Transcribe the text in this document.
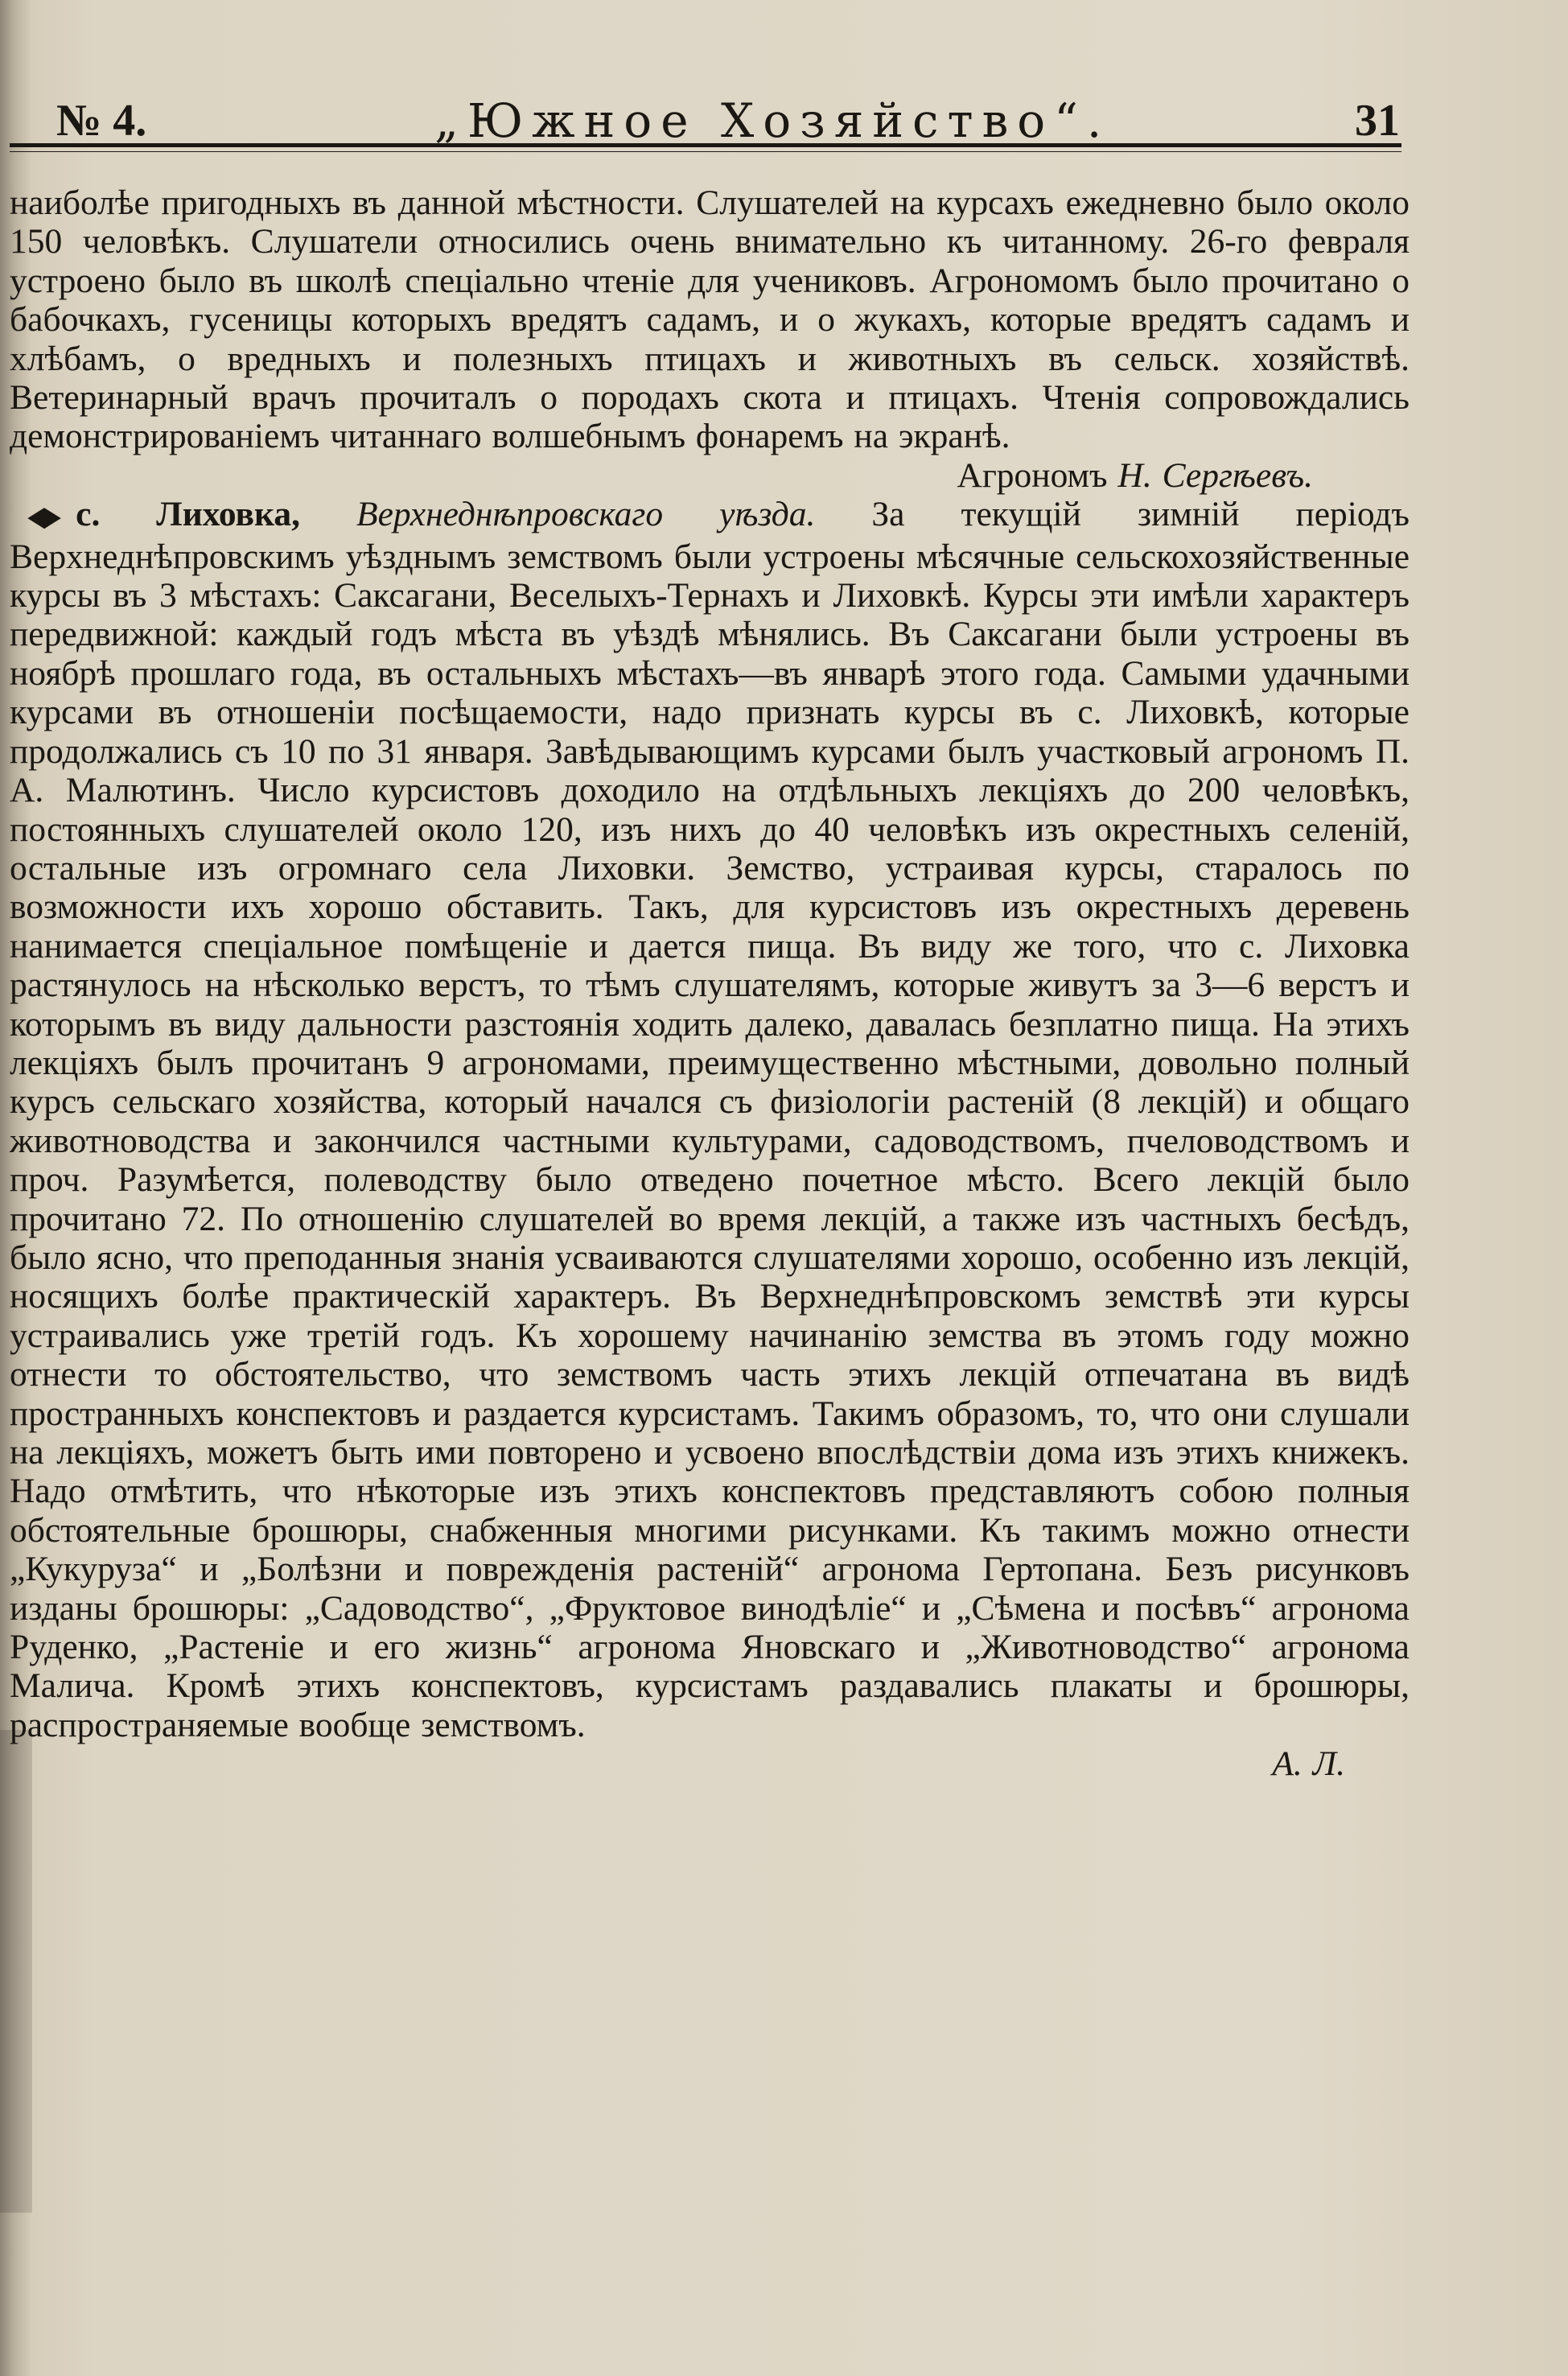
№ 4.	„Южное Хозяйство“.	31

наиболѣе пригодныхъ въ данной мѣстности. Слушателей на курсахъ ежедневно было около 150 человѣкъ. Слушатели относились очень внимательно къ читанному. 26-го февраля устроено было въ школѣ спеціально чтеніе для учениковъ. Агрономомъ было прочитано о бабочкахъ, гусеницы которыхъ вредятъ садамъ, и о жукахъ, которые вредятъ садамъ и хлѣбамъ, о вредныхъ и полезныхъ птицахъ и животныхъ въ сельск. хозяйствѣ. Ветеринарный врачъ прочиталъ о породахъ скота и птицахъ. Чтенія сопровождались демонстрированіемъ читаннаго волшебнымъ фонаремъ на экранѣ.

Агрономъ Н. Сергѣевъ.

◆ с. Лиховка, Верхнеднѣпровскаго уѣзда. За текущій зимній періодъ Верхнеднѣпровскимъ уѣзднымъ земствомъ были устроены мѣсячные сельскохозяйственные курсы въ 3 мѣстахъ: Саксагани, Веселыхъ-Тернахъ и Лиховкѣ. Курсы эти имѣли характеръ передвижной: каждый годъ мѣста въ уѣздѣ мѣнялись. Въ Саксагани были устроены въ ноябрѣ прошлаго года, въ остальныхъ мѣстахъ—въ январѣ этого года. Самыми удачными курсами въ отношеніи посѣщаемости, надо признать курсы въ с. Лиховкѣ, которые продолжались съ 10 по 31 января. Завѣдывающимъ курсами былъ участковый агрономъ П. А. Малютинъ. Число курсистовъ доходило на отдѣльныхъ лекціяхъ до 200 человѣкъ, постоянныхъ слушателей около 120, изъ нихъ до 40 человѣкъ изъ окрестныхъ селеній, остальные изъ огромнаго села Лиховки. Земство, устраивая курсы, старалось по возможности ихъ хорошо обставить. Такъ, для курсистовъ изъ окрестныхъ деревень нанимается спеціальное помѣщеніе и дается пища. Въ виду же того, что с. Лиховка растянулось на нѣсколько верстъ, то тѣмъ слушателямъ, которые живутъ за 3—6 верстъ и которымъ въ виду дальности разстоянія ходить далеко, давалась безплатно пища. На этихъ лекціяхъ былъ прочитанъ 9 агрономами, преимущественно мѣстными, довольно полный курсъ сельскаго хозяйства, который начался съ физіологіи растеній (8 лекцій) и общаго животноводства и закончился частными культурами, садоводствомъ, пчеловодствомъ и проч. Разумѣется, полеводству было отведено почетное мѣсто. Всего лекцій было прочитано 72. По отношенію слушателей во время лекцій, а также изъ частныхъ бесѣдъ, было ясно, что преподанныя знанія усваиваются слушателями хорошо, особенно изъ лекцій, носящихъ болѣе практическій характеръ. Въ Верхнеднѣпровскомъ земствѣ эти курсы устраивались уже третій годъ. Къ хорошему начинанію земства въ этомъ году можно отнести то обстоятельство, что земствомъ часть этихъ лекцій отпечатана въ видѣ пространныхъ конспектовъ и раздается курсистамъ. Такимъ образомъ, то, что они слушали на лекціяхъ, можетъ быть ими повторено и усвоено впослѣдствіи дома изъ этихъ книжекъ. Надо отмѣтить, что нѣкоторые изъ этихъ конспектовъ представляютъ собою полныя обстоятельные брошюры, снабженныя многими рисунками. Къ такимъ можно отнести „Кукуруза“ и „Болѣзни и поврежденія растеній“ агронома Гертопана. Безъ рисунковъ изданы брошюры: „Садоводство“, „Фруктовое винодѣліе“ и „Сѣмена и посѣвъ“ агронома Руденко, „Растеніе и его жизнь“ агронома Яновскаго и „Животноводство“ агронома Малича. Кромѣ этихъ конспектовъ, курсистамъ раздавались плакаты и брошюры, распространяемые вообще земствомъ.

А. Л.
